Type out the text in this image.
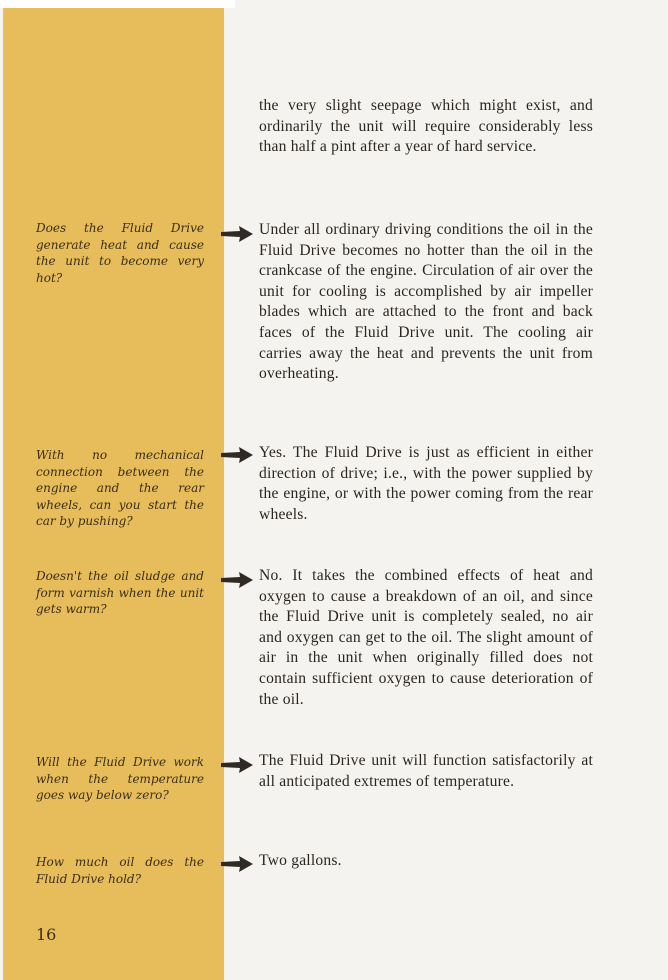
the very slight seepage which might exist, and ordinarily the unit will require considerably less than half a pint after a year of hard service.

Does the Fluid Drive generate heat and cause the unit to become very hot?

Under all ordinary driving conditions the oil in the Fluid Drive becomes no hotter than the oil in the crankcase of the engine. Circulation of air over the unit for cooling is accomplished by air impeller blades which are attached to the front and back faces of the Fluid Drive unit. The cooling air carries away the heat and prevents the unit from overheating.

With no mechanical connection between the engine and the rear wheels, can you start the car by pushing?

Yes. The Fluid Drive is just as efficient in either direction of drive; i.e., with the power supplied by the engine, or with the power coming from the rear wheels.

Doesn't the oil sludge and form varnish when the unit gets warm?

No. It takes the combined effects of heat and oxygen to cause a breakdown of an oil, and since the Fluid Drive unit is completely sealed, no air and oxygen can get to the oil. The slight amount of air in the unit when originally filled does not contain sufficient oxygen to cause deterioration of the oil.

Will the Fluid Drive work when the temperature goes way below zero?

The Fluid Drive unit will function satisfactorily at all anticipated extremes of temperature.

How much oil does the Fluid Drive hold?

Two gallons.

16
